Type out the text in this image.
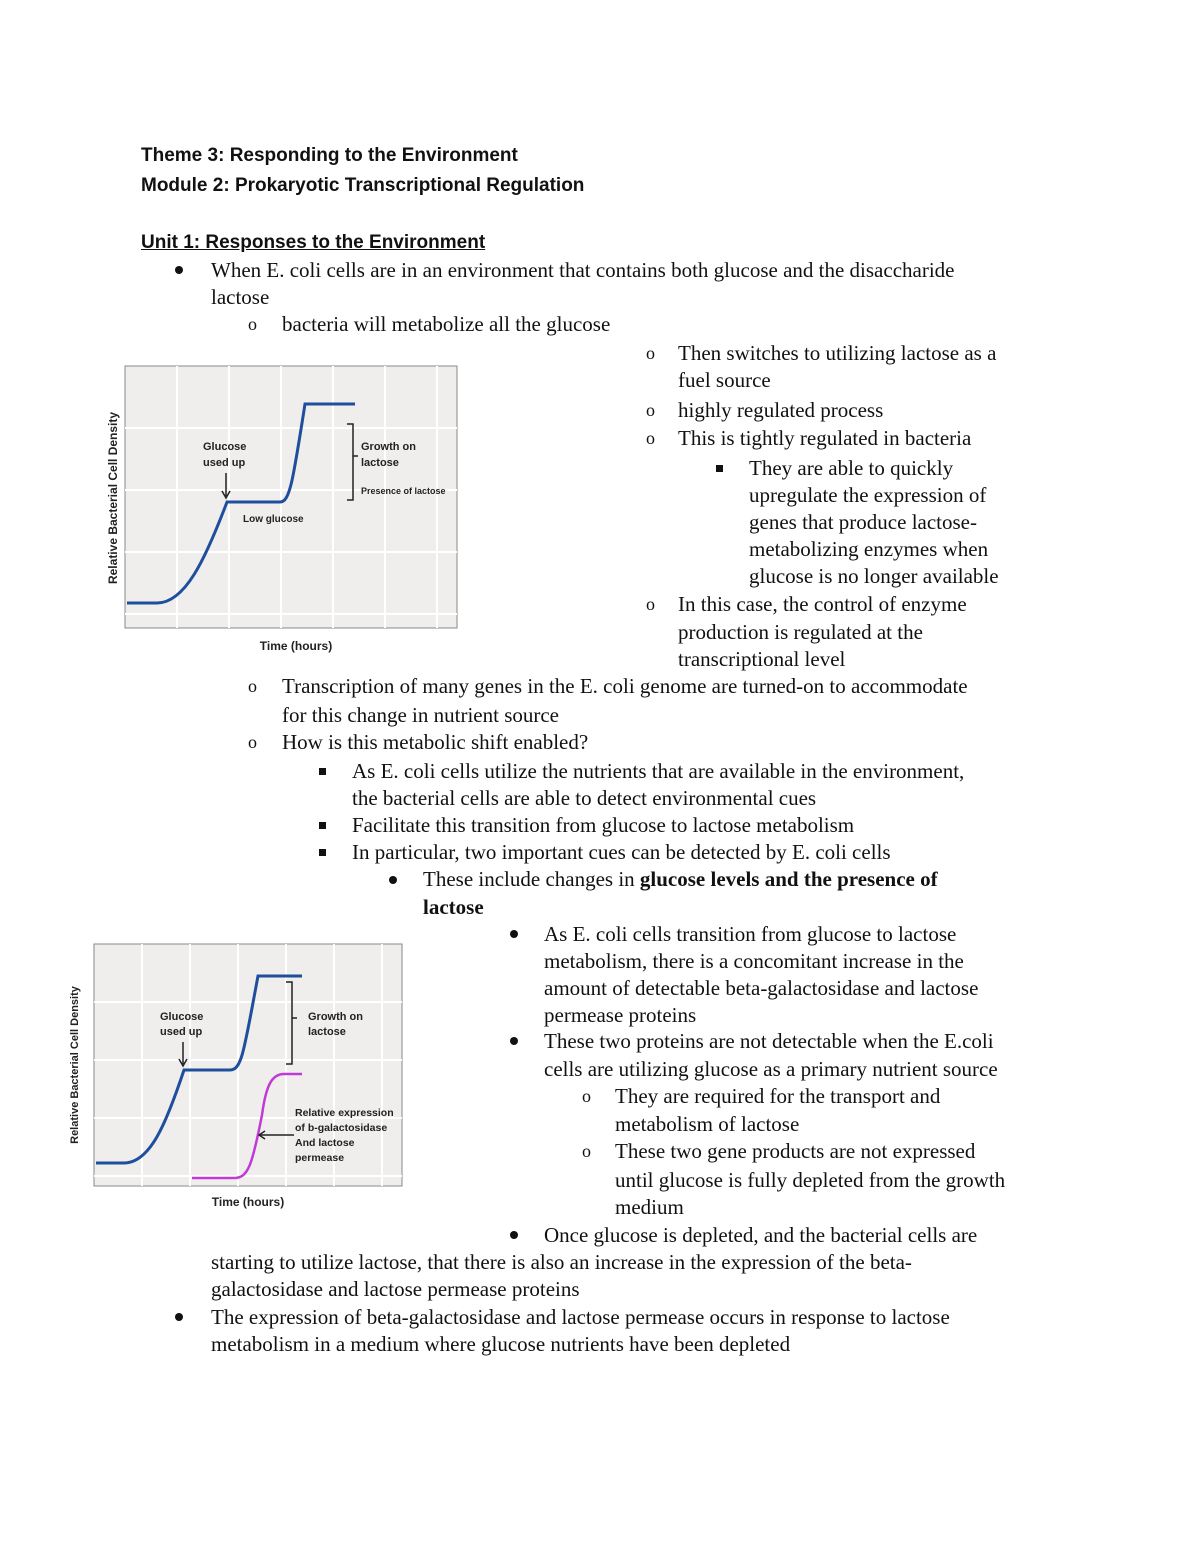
Theme 3: Responding to the Environment
Module 2: Prokaryotic Transcriptional Regulation
Unit 1: Responses to the Environment
When E. coli cells are in an environment that contains both glucose and the disaccharide
lactose
o bacteria will metabolize all the glucose
o Then switches to utilizing lactose as a
fuel source
o highly regulated process
o This is tightly regulated in bacteria
They are able to quickly
upregulate the expression of
genes that produce lactose-
metabolizing enzymes when
glucose is no longer available
o In this case, the control of enzyme
production is regulated at the
transcriptional level
o Transcription of many genes in the E. coli genome are turned-on to accommodate
for this change in nutrient source
o How is this metabolic shift enabled?
As E. coli cells utilize the nutrients that are available in the environment,
the bacterial cells are able to detect environmental cues
Facilitate this transition from glucose to lactose metabolism
In particular, two important cues can be detected by E. coli cells
These include changes in glucose levels and the presence of
lactose
As E. coli cells transition from glucose to lactose
metabolism, there is a concomitant increase in the
amount of detectable beta-galactosidase and lactose
permease proteins
These two proteins are not detectable when the E.coli
cells are utilizing glucose as a primary nutrient source
o They are required for the transport and
metabolism of lactose
o These two gene products are not expressed
until glucose is fully depleted from the growth
medium
Once glucose is depleted, and the bacterial cells are
starting to utilize lactose, that there is also an increase in the expression of the beta-
galactosidase and lactose permease proteins
The expression of beta-galactosidase and lactose permease occurs in response to lactose
metabolism in a medium where glucose nutrients have been depleted
Relative Bacterial Cell Density
Time (hours)
Glucose
used up
Low glucose
Growth on
lactose
Presence of lactose
Relative Bacterial Cell Density
Time (hours)
Glucose
used up
Growth on
lactose
Relative expression
of b-galactosidase
And lactose
permease
